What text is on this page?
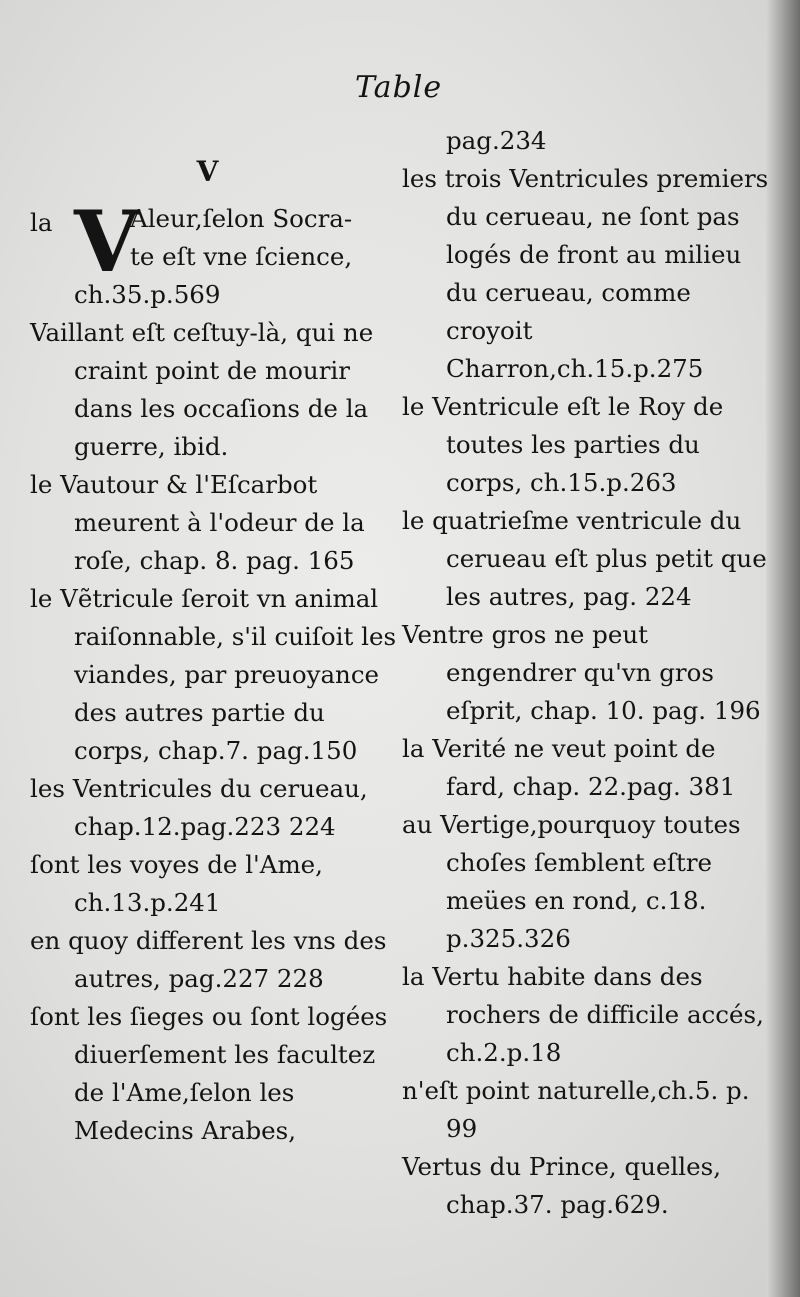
Table
V
la V
Aleur,ſelon Socra-
te eſt vne ſcience,
ch.35.p.569

Vaillant eſt ceſtuy-là, qui ne craint point de mourir dans les occaſions de la guerre, ibid.

le Vautour & l'Eſcarbot meurent à l'odeur de la roſe, chap. 8. pag. 165

le Vẽtricule ſeroit vn animal raiſonnable, s'il cuiſoit les viandes, par preuoyance des autres partie du corps, chap.7. pag.150

les Ventricules du cerueau, chap.12.pag.223 224

ſont les voyes de l'Ame, ch.13.p.241

en quoy different les vns des autres, pag.227 228

ſont les ſieges ou ſont logées diuerſement les facultez de l'Ame,ſelon les Medecins Arabes,

pag.234

les trois Ventricules premiers du cerueau, ne ſont pas logés de front au milieu du cerueau, comme croyoit Charron,ch.15.p.275

le Ventricule eſt le Roy de toutes les parties du corps, ch.15.p.263

le quatrieſme ventricule du cerueau eſt plus petit que les autres, pag. 224

Ventre gros ne peut engendrer qu'vn gros eſprit, chap. 10. pag. 196

la Verité ne veut point de fard, chap. 22.pag. 381

au Vertige,pourquoy toutes choſes ſemblent eſtre meües en rond, c.18. p.325.326

la Vertu habite dans des rochers de difficile accés, ch.2.p.18

n'eſt point naturelle,ch.5. p. 99

Vertus du Prince, quelles, chap.37. pag.629.
